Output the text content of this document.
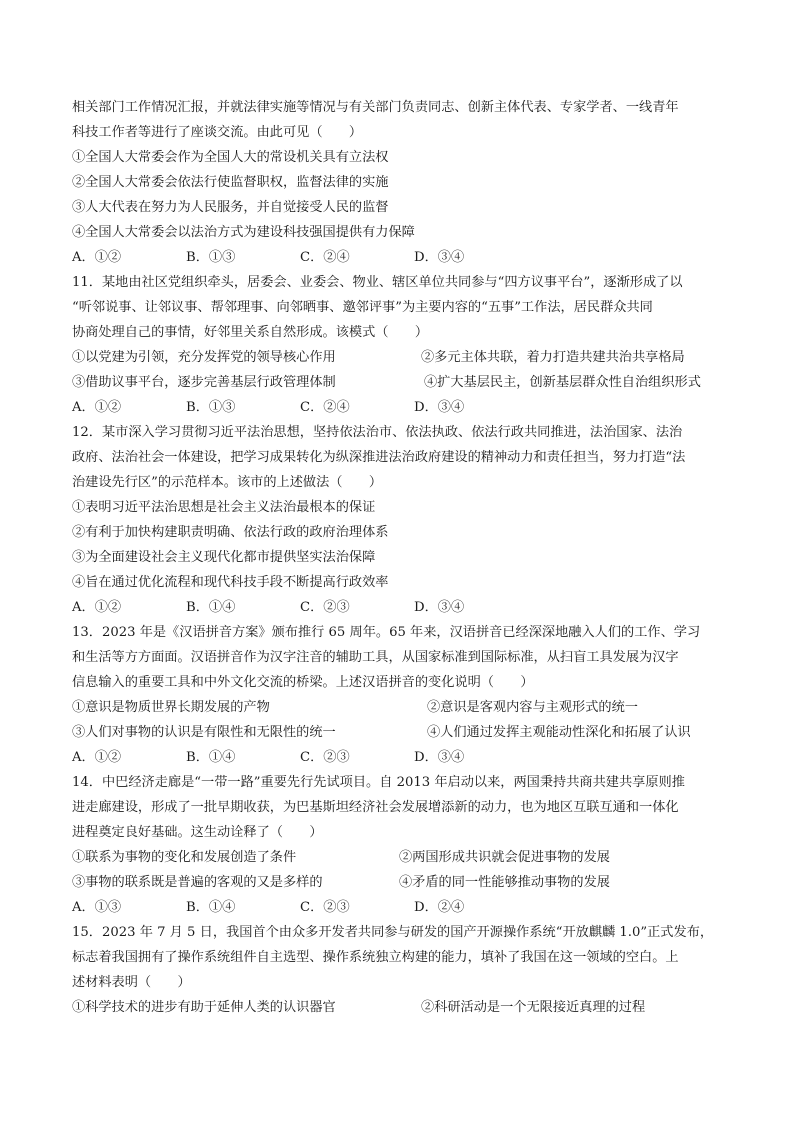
相关部门工作情况汇报，并就法律实施等情况与有关部门负责同志、创新主体代表、专家学者、一线青年
科技工作者等进行了座谈交流。由此可见（　　）
①全国人大常委会作为全国人大的常设机关具有立法权
②全国人大常委会依法行使监督职权，监督法律的实施
③人大代表在努力为人民服务，并自觉接受人民的监督
④全国人大常委会以法治方式为建设科技强国提供有力保障
A．①②	B．①③	C．②④	D．③④
11．某地由社区党组织牵头，居委会、业委会、物业、辖区单位共同参与“四方议事平台”，逐渐形成了以
“听邻说事、让邻议事、帮邻理事、向邻晒事、邀邻评事”为主要内容的“五事”工作法，居民群众共同
协商处理自己的事情，好邻里关系自然形成。该模式（　　）
①以党建为引领，充分发挥党的领导核心作用	②多元主体共联，着力打造共建共治共享格局
③借助议事平台，逐步完善基层行政管理体制	④扩大基层民主，创新基层群众性自治组织形式
A．①②	B．①③	C．②④	D．③④
12．某市深入学习贯彻习近平法治思想，坚持依法治市、依法执政、依法行政共同推进，法治国家、法治
政府、法治社会一体建设，把学习成果转化为纵深推进法治政府建设的精神动力和责任担当，努力打造“法
治建设先行区”的示范样本。该市的上述做法（　　）
①表明习近平法治思想是社会主义法治最根本的保证
②有利于加快构建职责明确、依法行政的政府治理体系
③为全面建设社会主义现代化都市提供坚实法治保障
④旨在通过优化流程和现代科技手段不断提高行政效率
A．①②	B．①④	C．②③	D．③④
13．2023 年是《汉语拼音方案》颁布推行 65 周年。65 年来，汉语拼音已经深深地融入人们的工作、学习
和生活等方方面面。汉语拼音作为汉字注音的辅助工具，从国家标准到国际标准，从扫盲工具发展为汉字
信息输入的重要工具和中外文化交流的桥梁。上述汉语拼音的变化说明（　　）
①意识是物质世界长期发展的产物	②意识是客观内容与主观形式的统一
③人们对事物的认识是有限性和无限性的统一	④人们通过发挥主观能动性深化和拓展了认识
A．①②	B．①④	C．②③	D．③④
14．中巴经济走廊是“一带一路”重要先行先试项目。自 2013 年启动以来，两国秉持共商共建共享原则推
进走廊建设，形成了一批早期收获，为巴基斯坦经济社会发展增添新的动力，也为地区互联互通和一体化
进程奠定良好基础。这生动诠释了（　　）
①联系为事物的变化和发展创造了条件	②两国形成共识就会促进事物的发展
③事物的联系既是普遍的客观的又是多样的	④矛盾的同一性能够推动事物的发展
A．①③	B．①④	C．②③	D．②④
15．2023 年 7 月 5 日，我国首个由众多开发者共同参与研发的国产开源操作系统“开放麒麟 1.0”正式发布，
标志着我国拥有了操作系统组件自主选型、操作系统独立构建的能力，填补了我国在这一领域的空白。上
述材料表明（　　）
①科学技术的进步有助于延伸人类的认识器官	②科研活动是一个无限接近真理的过程
